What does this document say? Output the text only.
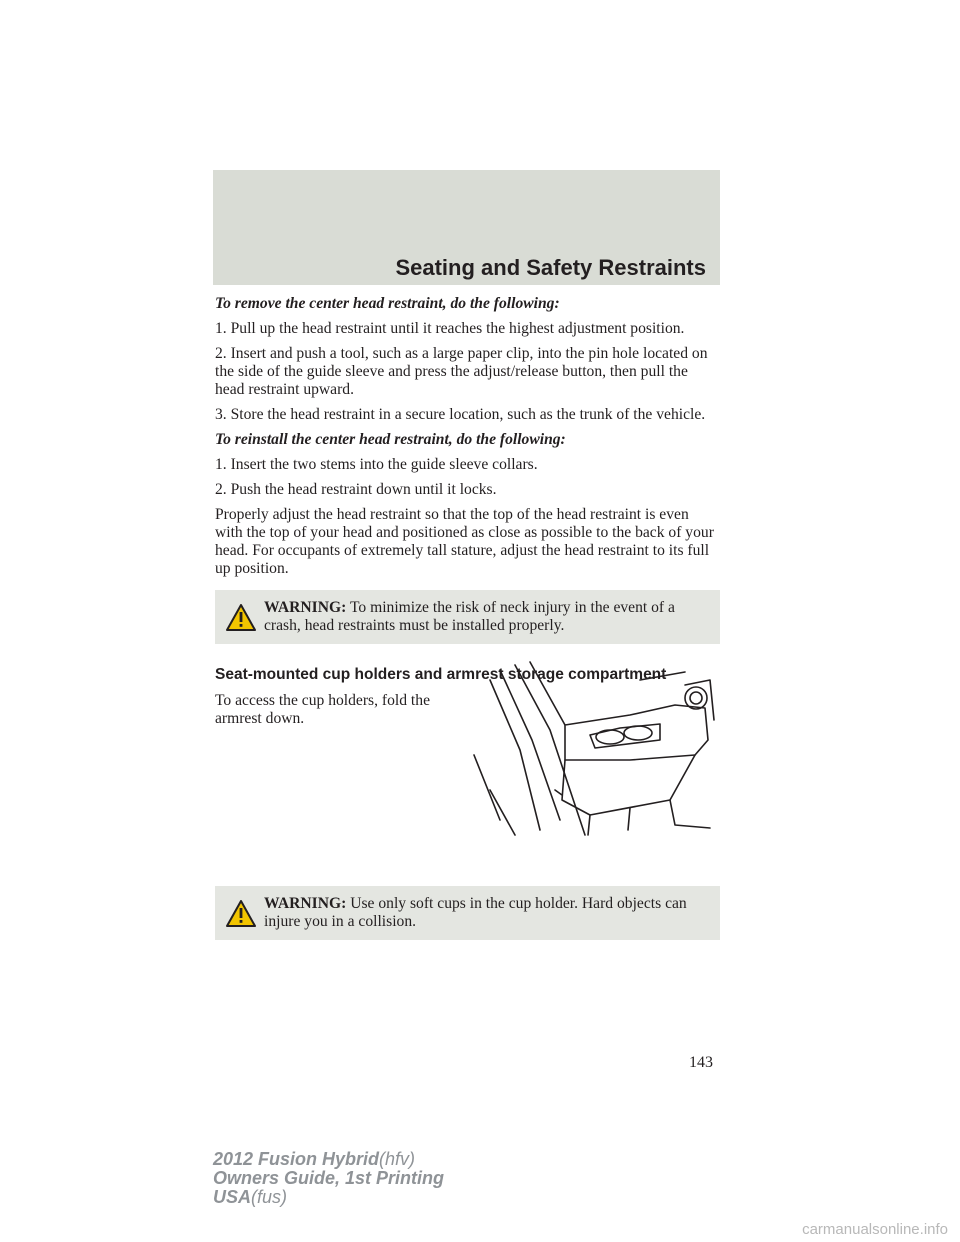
Seating and Safety Restraints

To remove the center head restraint, do the following:

1. Pull up the head restraint until it reaches the highest adjustment position.

2. Insert and push a tool, such as a large paper clip, into the pin hole located on the side of the guide sleeve and press the adjust/release button, then pull the head restraint upward.

3. Store the head restraint in a secure location, such as the trunk of the vehicle.

To reinstall the center head restraint, do the following:

1. Insert the two stems into the guide sleeve collars.

2. Push the head restraint down until it locks.

Properly adjust the head restraint so that the top of the head restraint is even with the top of your head and positioned as close as possible to the back of your head. For occupants of extremely tall stature, adjust the head restraint to its full up position.

WARNING: To minimize the risk of neck injury in the event of a crash, head restraints must be installed properly.

Seat-mounted cup holders and armrest storage compartment

To access the cup holders, fold the armrest down.

WARNING: Use only soft cups in the cup holder. Hard objects can injure you in a collision.
143
2012 Fusion Hybrid(hfv)
Owners Guide, 1st Printing
USA(fus)
carmanualsonline.info
